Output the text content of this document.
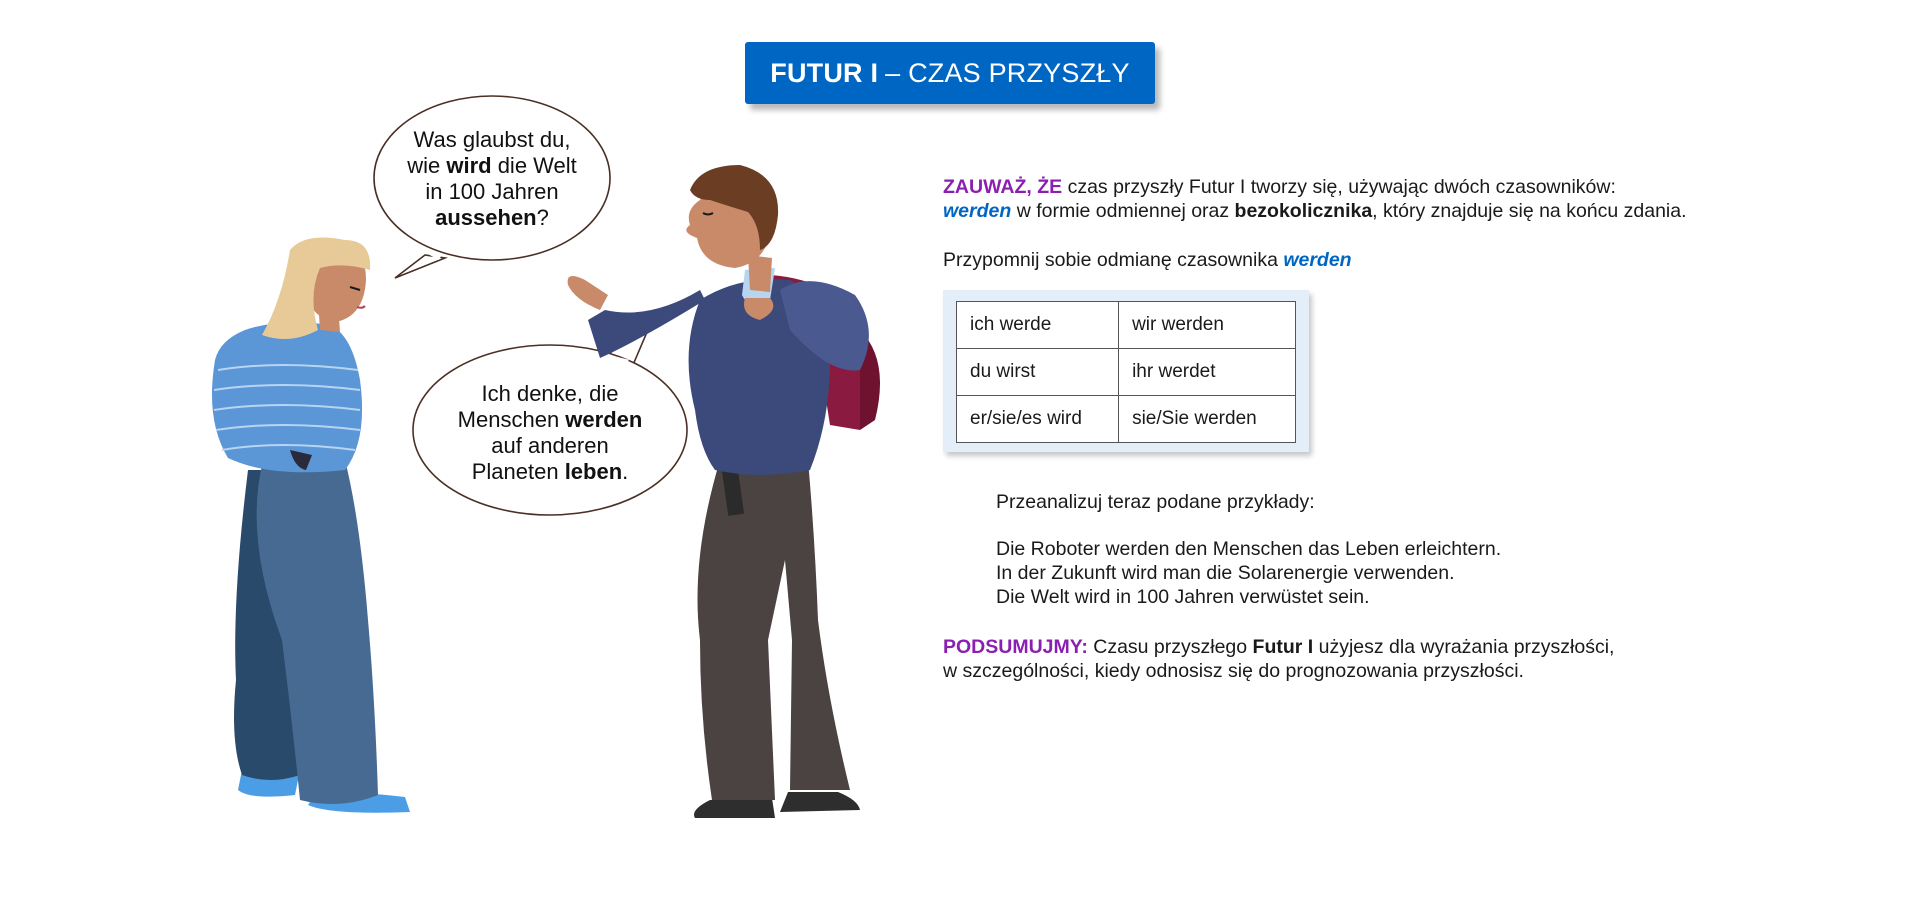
FUTUR I – CZAS PRZYSZŁY
Was glaubst du,
wie wird die Welt
in 100 Jahren
aussehen?
Ich denke, die
Menschen werden
auf anderen
Planeten leben.
ZAUWAŻ, ŻE czas przyszły Futur I tworzy się, używając dwóch czasowników:
werden w formie odmiennej oraz bezokolicznika, który znajduje się na końcu zdania.
Przypomnij sobie odmianę czasownika werden
ich werde	wir werden
du wirst	ihr werdet
er/sie/es wird	sie/Sie werden
Przeanalizuj teraz podane przykłady:
Die Roboter werden den Menschen das Leben erleichtern.
In der Zukunft wird man die Solarenergie verwenden.
Die Welt wird in 100 Jahren verwüstet sein.
PODSUMUJMY: Czasu przyszłego Futur I użyjesz dla wyrażania przyszłości,
w szczególności, kiedy odnosisz się do prognozowania przyszłości.
